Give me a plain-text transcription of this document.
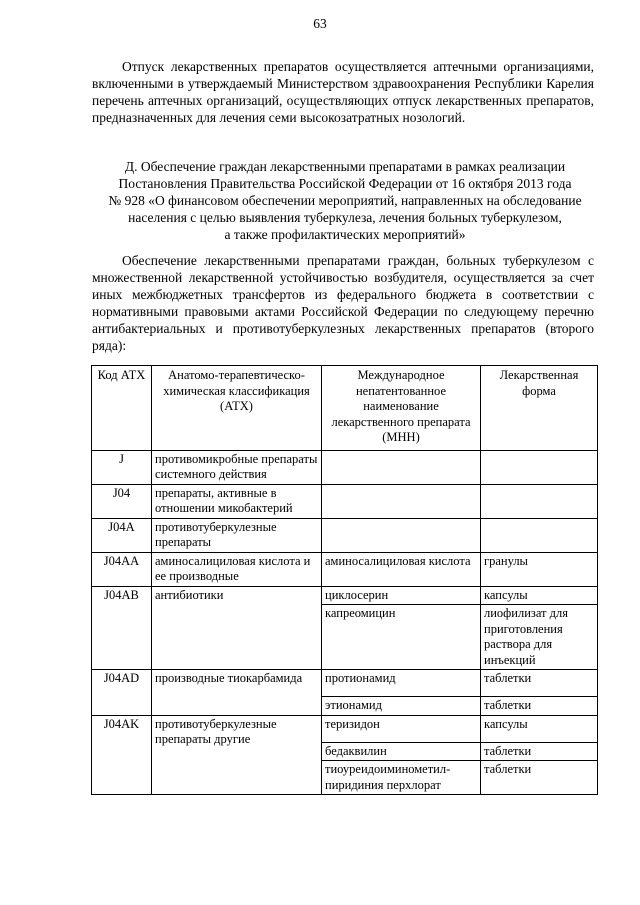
63

Отпуск лекарственных препаратов осуществляется аптечными организациями, включенными в утверждаемый Министерством здравоохранения Республики Карелия перечень аптечных организаций, осуществляющих отпуск лекарственных препаратов, предназначенных для лечения семи высокозатратных нозологий.

Д. Обеспечение граждан лекарственными препаратами в рамках реализации
Постановления Правительства Российской Федерации от 16 октября 2013 года
№ 928 «О финансовом обеспечении мероприятий, направленных на обследование
населения с целью выявления туберкулеза, лечения больных туберкулезом,
а также профилактических мероприятий»

Обеспечение лекарственными препаратами граждан, больных туберкулезом с множественной лекарственной устойчивостью возбудителя, осуществляется за счет иных межбюджетных трансфертов из федерального бюджета в соответствии с нормативными правовыми актами Российской Федерации по следующему перечню антибактериальных и противотуберкулезных лекарственных препаратов (второго ряда):

Код АТХ	Анатомо-терапевтическо-химическая классификация (АТХ)	Международное непатентованное наименование лекарственного препарата (МНН)	Лекарственная форма
J	противомикробные препараты системного действия		
J04	препараты, активные в отношении микобактерий		
J04A	противотуберкулезные препараты		
J04AA	аминосалициловая кислота и ее производные	аминосалициловая кислота	гранулы
J04AB	антибиотики	циклосерин	капсулы
		капреомицин	лиофилизат для приготовления раствора для инъекций
J04AD	производные тиокарбамида	протионамид	таблетки
		этионамид	таблетки
J04AK	противотуберкулезные препараты другие	теризидон	капсулы
		бедаквилин	таблетки
		тиоуреидоиминометил-пиридиния перхлорат	таблетки
